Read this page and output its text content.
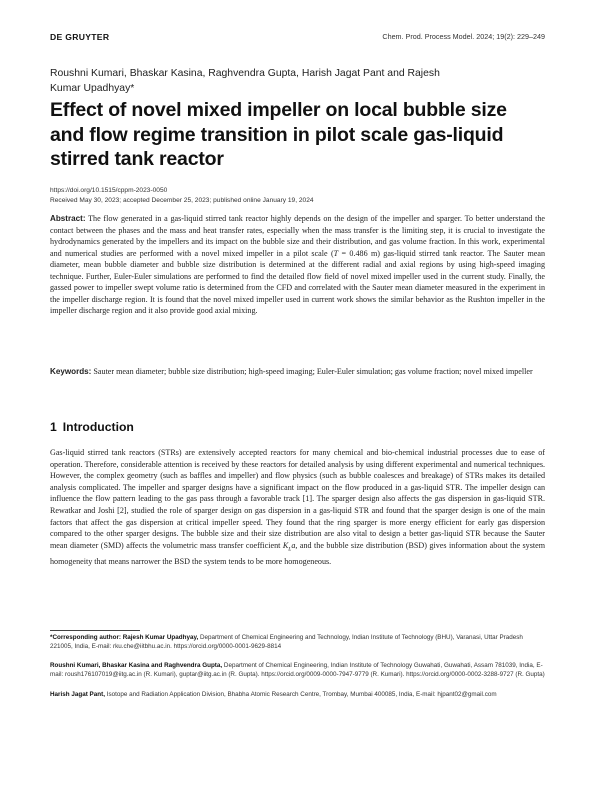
DE GRUYTER	Chem. Prod. Process Model. 2024; 19(2): 229–249
Roushni Kumari, Bhaskar Kasina, Raghvendra Gupta, Harish Jagat Pant and Rajesh Kumar Upadhyay*
Effect of novel mixed impeller on local bubble size and flow regime transition in pilot scale gas-liquid stirred tank reactor
https://doi.org/10.1515/cppm-2023-0050
Received May 30, 2023; accepted December 25, 2023; published online January 19, 2024

Abstract: The flow generated in a gas-liquid stirred tank reactor highly depends on the design of the impeller and sparger. To better understand the contact between the phases and the mass and heat transfer rates, especially when the mass transfer is the limiting step, it is crucial to investigate the hydrodynamics generated by the impellers and its impact on the bubble size and their distribution, and gas volume fraction. In this work, experimental and numerical studies are performed with a novel mixed impeller in a pilot scale (T = 0.486 m) gas-liquid stirred tank reactor. The Sauter mean diameter, mean bubble diameter and bubble size distribution is determined at the different radial and axial regions by using high-speed imaging technique. Further, Euler-Euler simulations are performed to find the detailed flow field of novel mixed impeller used in the current study. Finally, the gassed power to impeller swept volume ratio is determined from the CFD and correlated with the Sauter mean diameter measured in the experiment in the impeller discharge region. It is found that the novel mixed impeller used in current work shows the similar behavior as the Rushton impeller in the impeller discharge region and it also provide good axial mixing.

Keywords: Sauter mean diameter; bubble size distribution; high-speed imaging; Euler-Euler simulation; gas volume fraction; novel mixed impeller

1 Introduction

Gas-liquid stirred tank reactors (STRs) are extensively accepted reactors for many chemical and bio-chemical industrial processes due to ease of operation. Therefore, considerable attention is received by these reactors for detailed analysis by using different experimental and numerical techniques. However, the complex geometry (such as baffles and impeller) and flow physics (such as bubble coalesces and breakage) of STRs makes its detailed analysis complicated. The impeller and sparger designs have a significant impact on the flow produced in a gas-liquid STR. The impeller design can influence the flow pattern leading to the gas pass through a favorable track [1]. The sparger design also affects the gas dispersion in gas-liquid STR. Rewatkar and Joshi [2], studied the role of sparger design on gas dispersion in a gas-liquid STR and found that the sparger design is one of the main factors that affect the gas dispersion at critical impeller speed. They found that the ring sparger is more energy efficient for early gas dispersion compared to the other sparger designs. The bubble size and their size distribution are also vital to design a better gas-liquid STR because the Sauter mean diameter (SMD) affects the volumetric mass transfer coefficient $K_La$, and the bubble size distribution (BSD) gives information about the system homogeneity that means narrower the BSD the system tends to be more homogeneous.

*Corresponding author: Rajesh Kumar Upadhyay, Department of Chemical Engineering and Technology, Indian Institute of Technology (BHU), Varanasi, Uttar Pradesh 221005, India, E-mail: rku.che@iitbhu.ac.in. https://orcid.org/0000-0001-9629-8814

Roushni Kumari, Bhaskar Kasina and Raghvendra Gupta, Department of Chemical Engineering, Indian Institute of Technology Guwahati, Guwahati, Assam 781039, India, E-mail: roush176107019@iitg.ac.in (R. Kumari), guptar@iitg.ac.in (R. Gupta). https://orcid.org/0009-0000-7947-9779 (R. Kumari). https://orcid.org/0000-0002-3288-9727 (R. Gupta)

Harish Jagat Pant, Isotope and Radiation Application Division, Bhabha Atomic Research Centre, Trombay, Mumbai 400085, India, E-mail: hjpant02@gmail.com
